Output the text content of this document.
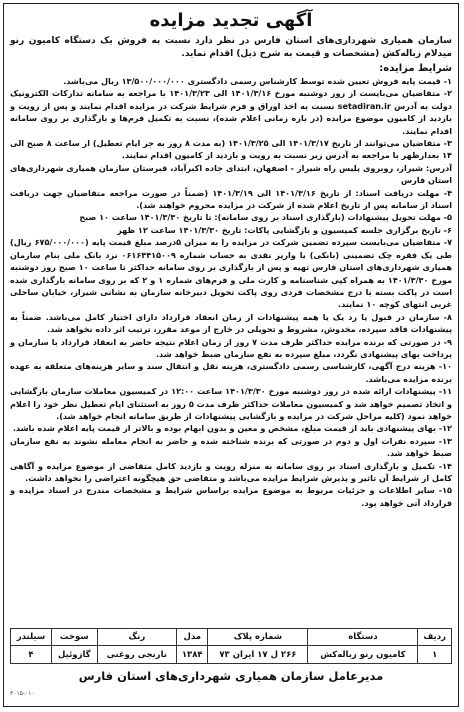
آگهی تجدید مزایده
سازمان همیاری شهرداری‌های استان فارس در نظر دارد نسبت به فروش یک دستگاه کامیون رنو میدلام زباله‌کش (مشخصات و قیمت به شرح ذیل) اقدام نماید.
شرایط مزایده:

۱- قیمت پایه فروش تعیین شده توسط کارشناس رسمی دادگستری ۱۳/۵۰۰/۰۰۰/۰۰۰ ریال می‌باشد.

۲- متقاضیان می‌بایست از روز دوشنبه مورخ ۱۴۰۱/۳/۱۶ الی ۱۴۰۱/۳/۲۳ با مراجعه به سامانه تدارکات الکترونیک دولت به آدرس setadiran.ir نسبت به اخذ اوراق و فرم شرایط شرکت در مزایده اقدام نمایند و پس از رویت و بازدید از کامیون موضوع مزایده (در بازه زمانی اعلام شده)، نسبت به تکمیل فرم‌ها و بارگذاری بر روی سامانه اقدام نمایند.

۳- متقاضیان می‌توانند از تاریخ ۱۴۰۱/۳/۱۷ الی ۱۴۰۱/۳/۲۵ (به مدت ۸ روز به جز ایام تعطیل) از ساعت ۸ صبح الی ۱۴ بعدازظهر با مراجعه به آدرس زیر نسبت به رویت و بازدید از کامیون اقدام نمایند.

آدرس: شیراز، روبروی پلیس راه شیراز - اصفهان، ابتدای جاده اکبرآباد، قبرستان سازمان همیاری شهرداری‌های استان فارس

۴- مهلت دریافت اسناد: از تاریخ ۱۴۰۱/۳/۱۶ الی ۱۴۰۱/۳/۱۹ (ضمناً در صورت مراجعه متقاضیان جهت دریافت اسناد از سامانه پس از تاریخ اعلام شده از شرکت در مزایده محروم خواهند شد).

۵- مهلت تحویل پیشنهادات (بارگذاری اسناد بر روی سامانه): تا تاریخ ۱۴۰۱/۳/۳۰ ساعت ۱۰ صبح

۶- تاریخ برگزاری جلسه کمیسیون و بازگشایی پاکات: تاریخ ۱۴۰۱/۳/۳۰ ساعت ۱۲ ظهر

۷- متقاضیان می‌بایست سپرده تضمین شرکت در مزایده را به میزان ۵درصد مبلغ قیمت پایه (۶۷۵/۰۰۰/۰۰۰ ریال) طی یک فقره چک تضمینی (بانکی) یا واریز نقدی به حساب شماره ۰۶۱۶۴۴۱۵۰۰۹ نزد بانک ملی بنام سازمان همیاری شهرداری‌های استان فارس تهیه و پس از بارگذاری بر روی سامانه حداکثر تا ساعت ۱۰ صبح روز دوشنبه مورخ ۱۴۰۱/۳/۳۰ به همراه کپی شناسنامه و کارت ملی و فرم‌های شماره ۱ و ۲ که بر روی سامانه بارگذاری شده است در پاکت بسته با درج مشخصات فردی روی پاکت تحویل دبیرخانه سازمان به نشانی شیراز، خیابان ساحلی غربی انتهای کوچه ۱۰ نمایند.

۸- سازمان در قبول یا رد یک یا همه پیشنهادات از زمان انعقاد قرارداد دارای اختیار کامل می‌باشد. ضمناً به پیشنهادات فاقد سپرده، مخدوش، مشروط و تحویلی در خارج از موعد مقرر، ترتیب اثر داده نخواهد شد.

۹- در صورتی که برنده مزایده حداکثر ظرف مدت ۷ روز از زمان اعلام نتیجه حاضر به انعقاد قرارداد با سازمان و پرداخت بهای پیشنهادی نگردد، مبلغ سپرده به نفع سازمان ضبط خواهد شد.

۱۰- هزینه درج آگهی، کارشناسی رسمی دادگستری، هزینه نقل و انتقال سند و سایر هزینه‌های متعلقه به عهده برنده مزایده می‌باشد.

۱۱- پیشنهادات ارائه شده در روز دوشنبه مورخ ۱۴۰۱/۳/۳۰ ساعت ۱۲:۰۰ در کمیسیون معاملات سازمان بازگشایی و اتخاذ تصمیم خواهد شد و کمیسیون معاملات حداکثر ظرف مدت ۵ روز به استثنای ایام تعطیل نظر خود را اعلام خواهد نمود (کلیه مراحل شرکت در مزایده و بازگشایی پیشنهادات از طریق سامانه انجام خواهد شد).

۱۲- بهای پیشنهادی باید از قیمت مبلغ، مشخص و معین و بدون ابهام بوده و بالاتر از قیمت پایه اعلام شده باشد.

۱۳- سپرده نفرات اول و دوم در صورتی که برنده شناخته شده و حاضر به انجام معامله نشوند به نفع سازمان ضبط خواهد شد.

۱۴- تکمیل و بارگذاری اسناد بر روی سامانه به منزله رویت و بازدید کامل متقاضی از موضوع مزایده و آگاهی کامل از شرایط آن تاثیر و پذیرش شرایط مزایده می‌باشد و متقاضی حق هیچگونه اعتراضی را نخواهد داشت.

۱۵- سایر اطلاعات و جزئیات مربوط به موضوع مزایده براساس شرایط و مشخصات مندرج در اسناد مزایده و قرارداد آتی خواهد بود.

ردیف	دستگاه	شماره پلاک	مدل	رنگ	سوخت	سیلندر
۱	کامیون رنو زباله‌کش	۲۶۶ ل ۱۷ ایران ۷۳	۱۳۸۴	نارنجی روغنی	گازوئیل	۴
مدیرعامل سازمان همیاری شهرداری‌های استان فارس
۳۰۱۵-۰۱۰
